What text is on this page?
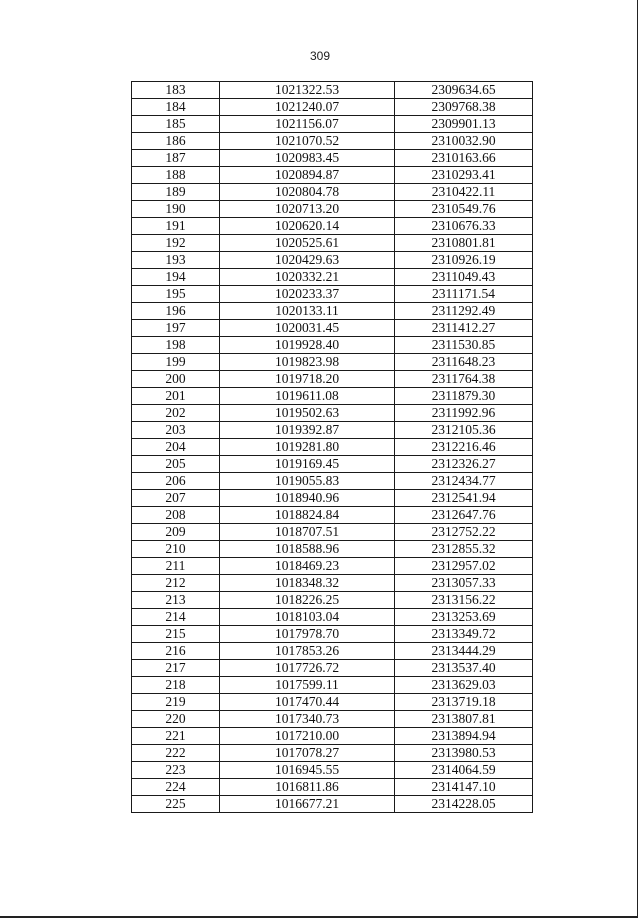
309
183	1021322.53	2309634.65
184	1021240.07	2309768.38
185	1021156.07	2309901.13
186	1021070.52	2310032.90
187	1020983.45	2310163.66
188	1020894.87	2310293.41
189	1020804.78	2310422.11
190	1020713.20	2310549.76
191	1020620.14	2310676.33
192	1020525.61	2310801.81
193	1020429.63	2310926.19
194	1020332.21	2311049.43
195	1020233.37	2311171.54
196	1020133.11	2311292.49
197	1020031.45	2311412.27
198	1019928.40	2311530.85
199	1019823.98	2311648.23
200	1019718.20	2311764.38
201	1019611.08	2311879.30
202	1019502.63	2311992.96
203	1019392.87	2312105.36
204	1019281.80	2312216.46
205	1019169.45	2312326.27
206	1019055.83	2312434.77
207	1018940.96	2312541.94
208	1018824.84	2312647.76
209	1018707.51	2312752.22
210	1018588.96	2312855.32
211	1018469.23	2312957.02
212	1018348.32	2313057.33
213	1018226.25	2313156.22
214	1018103.04	2313253.69
215	1017978.70	2313349.72
216	1017853.26	2313444.29
217	1017726.72	2313537.40
218	1017599.11	2313629.03
219	1017470.44	2313719.18
220	1017340.73	2313807.81
221	1017210.00	2313894.94
222	1017078.27	2313980.53
223	1016945.55	2314064.59
224	1016811.86	2314147.10
225	1016677.21	2314228.05
